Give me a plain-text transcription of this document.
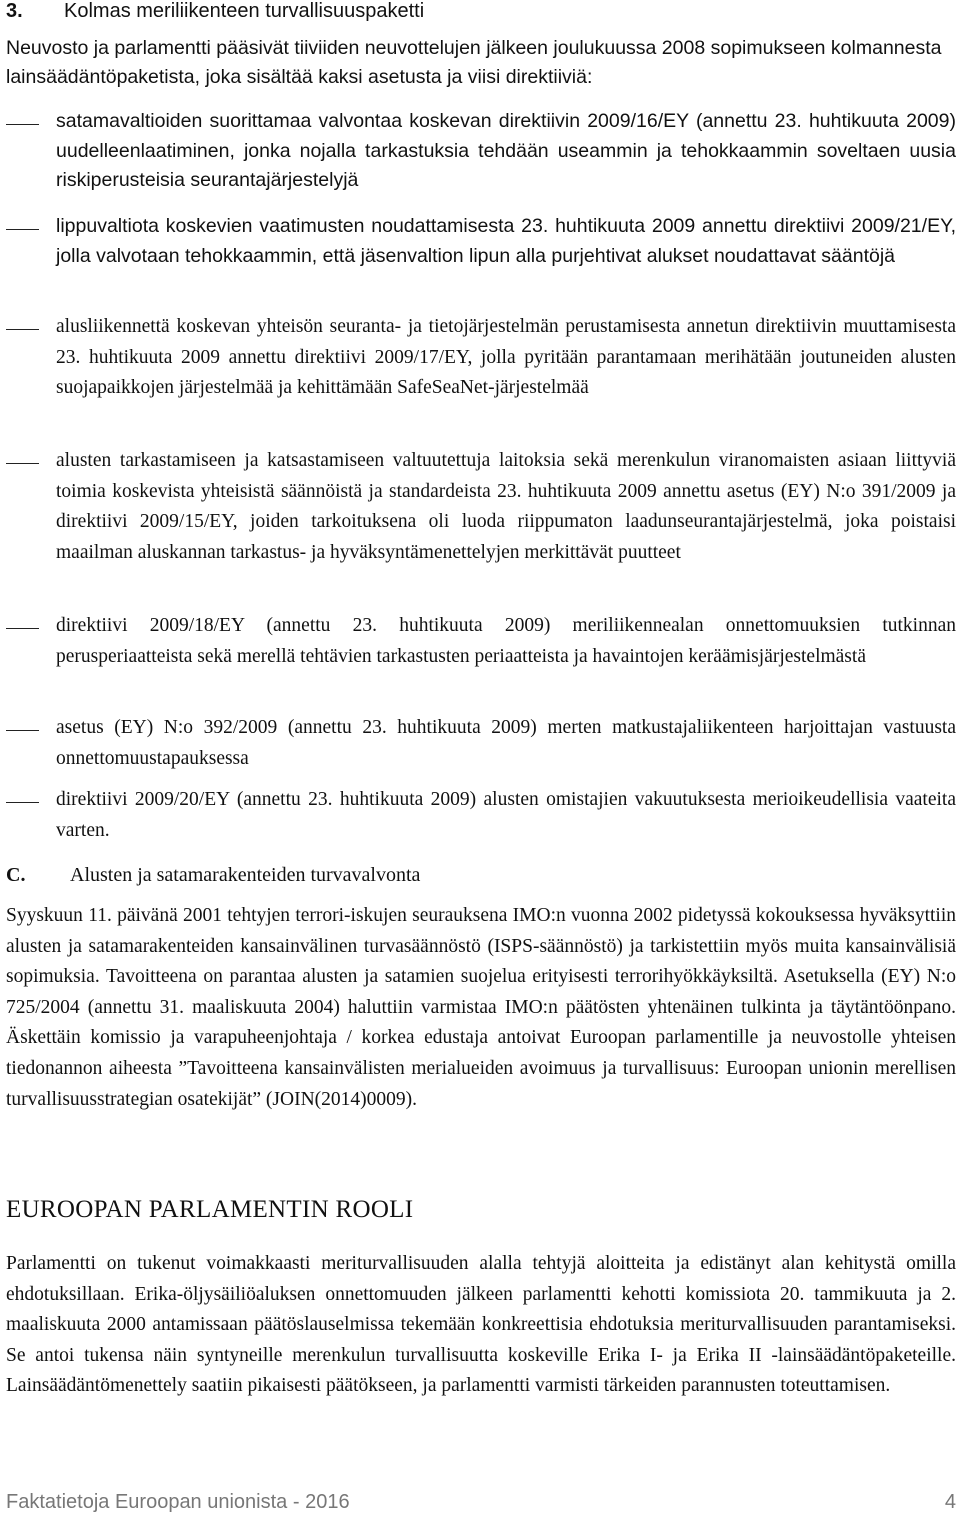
3. Kolmas meriliikenteen turvallisuuspaketti
Neuvosto ja parlamentti pääsivät tiiviiden neuvottelujen jälkeen joulukuussa 2008 sopimukseen kolmannesta lainsäädäntöpaketista, joka sisältää kaksi asetusta ja viisi direktiiviä:
satamavaltioiden suorittamaa valvontaa koskevan direktiivin 2009/16/EY (annettu 23. huhtikuuta 2009) uudelleenlaatiminen, jonka nojalla tarkastuksia tehdään useammin ja tehokkaammin soveltaen uusia riskiperusteisia seurantajärjestelyjä
lippuvaltiota koskevien vaatimusten noudattamisesta 23. huhtikuuta 2009 annettu direktiivi 2009/21/EY, jolla valvotaan tehokkaammin, että jäsenvaltion lipun alla purjehtivat alukset noudattavat sääntöjä
alusliikennettä koskevan yhteisön seuranta- ja tietojärjestelmän perustamisesta annetun direktiivin muuttamisesta 23. huhtikuuta 2009 annettu direktiivi 2009/17/EY, jolla pyritään parantamaan merihätään joutuneiden alusten suojapaikkojen järjestelmää ja kehittämään SafeSeaNet-järjestelmää
alusten tarkastamiseen ja katsastamiseen valtuutettuja laitoksia sekä merenkulun viranomaisten asiaan liittyviä toimia koskevista yhteisistä säännöistä ja standardeista 23. huhtikuuta 2009 annettu asetus (EY) N:o 391/2009 ja direktiivi 2009/15/EY, joiden tarkoituksena oli luoda riippumaton laadunseurantajärjestelmä, joka poistaisi maailman aluskannan tarkastus- ja hyväksyntämenettelyjen merkittävät puutteet
direktiivi 2009/18/EY (annettu 23. huhtikuuta 2009) meriliikennealan onnettomuuksien tutkinnan perusperiaatteista sekä merellä tehtävien tarkastusten periaatteista ja havaintojen keräämisjärjestelmästä
asetus (EY) N:o 392/2009 (annettu 23. huhtikuuta 2009) merten matkustajaliikenteen harjoittajan vastuusta onnettomuustapauksessa
direktiivi 2009/20/EY (annettu 23. huhtikuuta 2009) alusten omistajien vakuutuksesta merioikeudellisia vaateita varten.
C. Alusten ja satamarakenteiden turvavalvonta
Syyskuun 11. päivänä 2001 tehtyjen terrori-iskujen seurauksena IMO:n vuonna 2002 pidetyssä kokouksessa hyväksyttiin alusten ja satamarakenteiden kansainvälinen turvasäännöstö (ISPS-säännöstö) ja tarkistettiin myös muita kansainvälisiä sopimuksia. Tavoitteena on parantaa alusten ja satamien suojelua erityisesti terrorihyökkäyksiltä. Asetuksella (EY) N:o 725/2004 (annettu 31. maaliskuuta 2004) haluttiin varmistaa IMO:n päätösten yhtenäinen tulkinta ja täytäntöönpano. Äskettäin komissio ja varapuheenjohtaja / korkea edustaja antoivat Euroopan parlamentille ja neuvostolle yhteisen tiedonannon aiheesta ”Tavoitteena kansainvälisten merialueiden avoimuus ja turvallisuus: Euroopan unionin merellisen turvallisuusstrategian osatekijät” (JOIN(2014)0009).
EUROOPAN PARLAMENTIN ROOLI
Parlamentti on tukenut voimakkaasti meriturvallisuuden alalla tehtyjä aloitteita ja edistänyt alan kehitystä omilla ehdotuksillaan. Erika-öljysäiliöaluksen onnettomuuden jälkeen parlamentti kehotti komissiota 20. tammikuuta ja 2. maaliskuuta 2000 antamissaan päätöslauselmissa tekemään konkreettisia ehdotuksia meriturvallisuuden parantamiseksi. Se antoi tukensa näin syntyneille merenkulun turvallisuutta koskeville Erika I- ja Erika II -lainsäädäntöpaketeille. Lainsäädäntömenettely saatiin pikaisesti päätökseen, ja parlamentti varmisti tärkeiden parannusten toteuttamisen.
Faktatietoja Euroopan unionista - 2016	4
